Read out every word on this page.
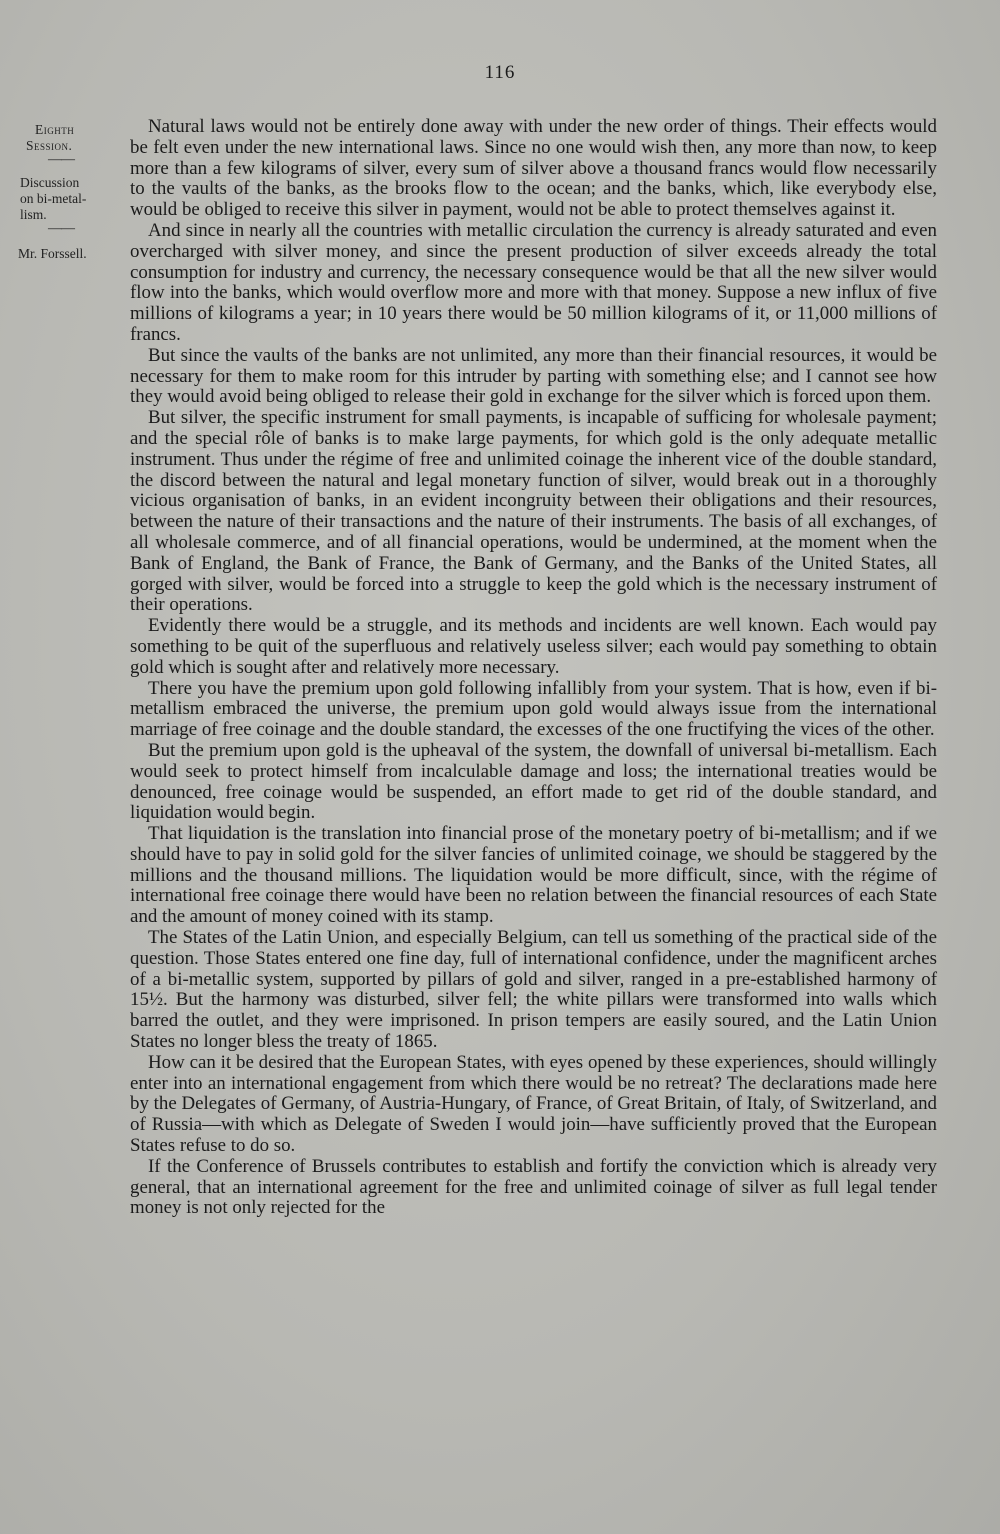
116
Eighth
Session.
——
Discussion
on bi-metal-
lism.
——
Mr. Forssell.

Natural laws would not be entirely done away with under the new order of things. Their effects would be felt even under the new international laws. Since no one would wish then, any more than now, to keep more than a few kilograms of silver, every sum of silver above a thousand francs would flow necessarily to the vaults of the banks, as the brooks flow to the ocean; and the banks, which, like everybody else, would be obliged to receive this silver in payment, would not be able to protect themselves against it.

And since in nearly all the countries with metallic circulation the currency is already saturated and even overcharged with silver money, and since the present production of silver exceeds already the total consumption for industry and currency, the necessary consequence would be that all the new silver would flow into the banks, which would overflow more and more with that money. Suppose a new influx of five millions of kilograms a year; in 10 years there would be 50 million kilograms of it, or 11,000 millions of francs.

But since the vaults of the banks are not unlimited, any more than their financial resources, it would be necessary for them to make room for this intruder by parting with something else; and I cannot see how they would avoid being obliged to release their gold in exchange for the silver which is forced upon them.

But silver, the specific instrument for small payments, is incapable of sufficing for wholesale payment; and the special rôle of banks is to make large payments, for which gold is the only adequate metallic instrument. Thus under the régime of free and unlimited coinage the inherent vice of the double standard, the discord between the natural and legal monetary function of silver, would break out in a thoroughly vicious organisation of banks, in an evident incongruity between their obligations and their resources, between the nature of their transactions and the nature of their instruments. The basis of all exchanges, of all wholesale commerce, and of all financial operations, would be undermined, at the moment when the Bank of England, the Bank of France, the Bank of Germany, and the Banks of the United States, all gorged with silver, would be forced into a struggle to keep the gold which is the necessary instrument of their operations.

Evidently there would be a struggle, and its methods and incidents are well known. Each would pay something to be quit of the superfluous and relatively useless silver; each would pay something to obtain gold which is sought after and relatively more necessary.

There you have the premium upon gold following infallibly from your system. That is how, even if bi-metallism embraced the universe, the premium upon gold would always issue from the international marriage of free coinage and the double standard, the excesses of the one fructifying the vices of the other.

But the premium upon gold is the upheaval of the system, the downfall of universal bi-metallism. Each would seek to protect himself from incalculable damage and loss; the international treaties would be denounced, free coinage would be suspended, an effort made to get rid of the double standard, and liquidation would begin.

That liquidation is the translation into financial prose of the monetary poetry of bi-metallism; and if we should have to pay in solid gold for the silver fancies of unlimited coinage, we should be staggered by the millions and the thousand millions. The liquidation would be more difficult, since, with the régime of international free coinage there would have been no relation between the financial resources of each State and the amount of money coined with its stamp.

The States of the Latin Union, and especially Belgium, can tell us something of the practical side of the question. Those States entered one fine day, full of international confidence, under the magnificent arches of a bi-metallic system, supported by pillars of gold and silver, ranged in a pre-established harmony of 15½. But the harmony was disturbed, silver fell; the white pillars were transformed into walls which barred the outlet, and they were imprisoned. In prison tempers are easily soured, and the Latin Union States no longer bless the treaty of 1865.

How can it be desired that the European States, with eyes opened by these experiences, should willingly enter into an international engagement from which there would be no retreat? The declarations made here by the Delegates of Germany, of Austria-Hungary, of France, of Great Britain, of Italy, of Switzerland, and of Russia—with which as Delegate of Sweden I would join—have sufficiently proved that the European States refuse to do so.

If the Conference of Brussels contributes to establish and fortify the conviction which is already very general, that an international agreement for the free and unlimited coinage of silver as full legal tender money is not only rejected for the
